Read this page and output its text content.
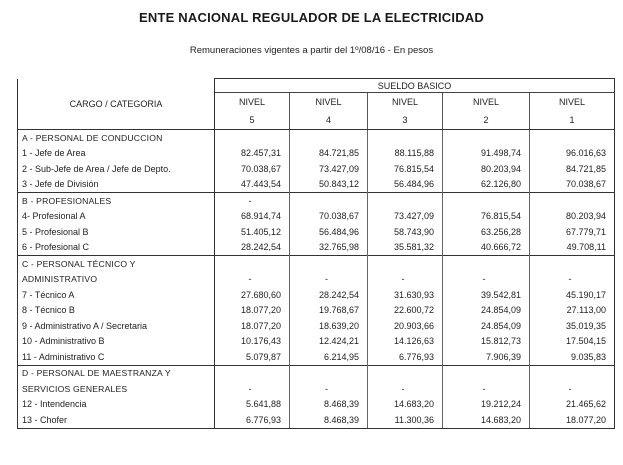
ENTE NACIONAL REGULADOR DE LA ELECTRICIDAD
Remuneraciones vigentes a partir del 1º/08/16 - En pesos
CARGO / CATEGORIA	SUELDO BASICO				
	NIVEL	NIVEL	NIVEL	NIVEL	NIVEL
	5	4	3	2	1
A - PERSONAL DE CONDUCCION					
1 - Jefe de Area	82.457,31	84.721,85	88.115,88	91.498,74	96.016,63
2 - Sub-Jefe de Area / Jefe de Depto.	70.038,67	73.427,09	76.815,54	80.203,94	84.721,85
3 - Jefe de División	47.443,54	50.843,12	56.484,96	62.126,80	70.038,67
B - PROFESIONALES	-				
4- Profesional A	68.914,74	70.038,67	73.427,09	76.815,54	80.203,94
5 - Profesional B	51.405,12	56.484,96	58.743,90	63.256,28	67.779,71
6 - Profesional C	28.242,54	32.765,98	35.581,32	40.666,72	49.708,11
C - PERSONAL TÉCNICO Y					
ADMINISTRATIVO	-	-	-	-	-
7 - Técnico A	27.680,60	28.242,54	31.630,93	39.542,81	45.190,17
8 - Técnico B	18.077,20	19.768,67	22.600,72	24.854,09	27.113,00
9 - Administrativo A / Secretaria	18.077,20	18.639,20	20.903,66	24.854,09	35.019,35
10 - Administrativo B	10.176,43	12.424,21	14.126,63	15.812,73	17.504,15
11 - Administrativo C	5.079,87	6.214,95	6.776,93	7.906,39	9.035,83
D - PERSONAL DE MAESTRANZA Y					
SERVICIOS GENERALES	-	-	-	-	-
12 - Intendencia	5.641,88	8.468,39	14.683,20	19.212,24	21.465,62
13 - Chofer	6.776,93	8.468,39	11.300,36	14.683,20	18.077,20
